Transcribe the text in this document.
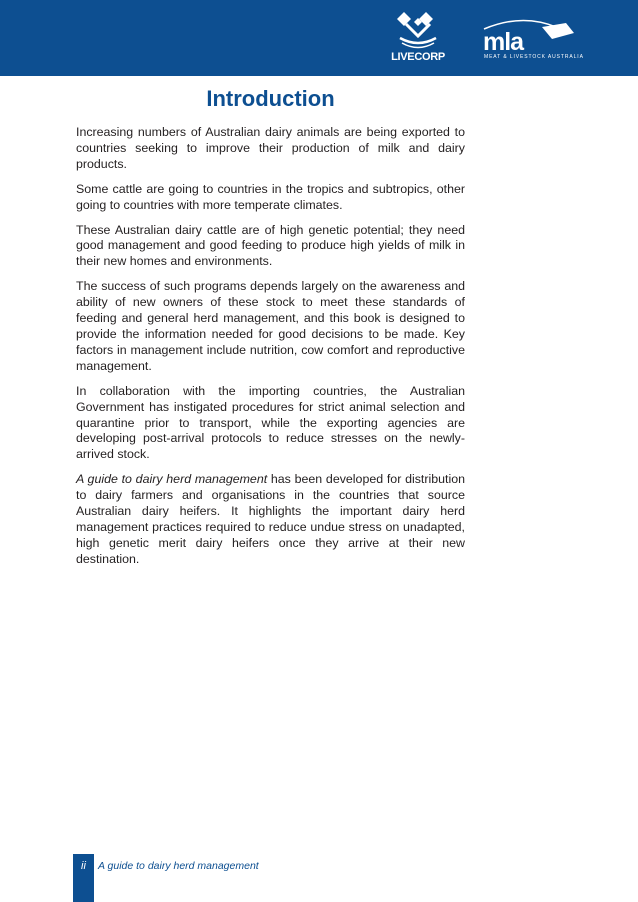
LIVECORP
mla
MEAT & LIVESTOCK AUSTRALIA
Introduction

Increasing numbers of Australian dairy animals are being exported to countries seeking to improve their production of milk and dairy products.

Some cattle are going to countries in the tropics and subtropics, other going to countries with more temperate climates.

These Australian dairy cattle are of high genetic potential; they need good management and good feeding to produce high yields of milk in their new homes and environments.

The success of such programs depends largely on the awareness and ability of new owners of these stock to meet these standards of feeding and general herd management, and this book is designed to provide the information needed for good decisions to be made. Key factors in management include nutrition, cow comfort and reproductive management.

In collaboration with the importing countries, the Australian Government has instigated procedures for strict animal selection and quarantine prior to transport, while the exporting agencies are developing post-arrival protocols to reduce stresses on the newly-arrived stock.

A guide to dairy herd management has been developed for distribution to dairy farmers and organisations in the countries that source Australian dairy heifers. It highlights the important dairy herd management practices required to reduce undue stress on unadapted, high genetic merit dairy heifers once they arrive at their new destination.

ii	A guide to dairy herd management
